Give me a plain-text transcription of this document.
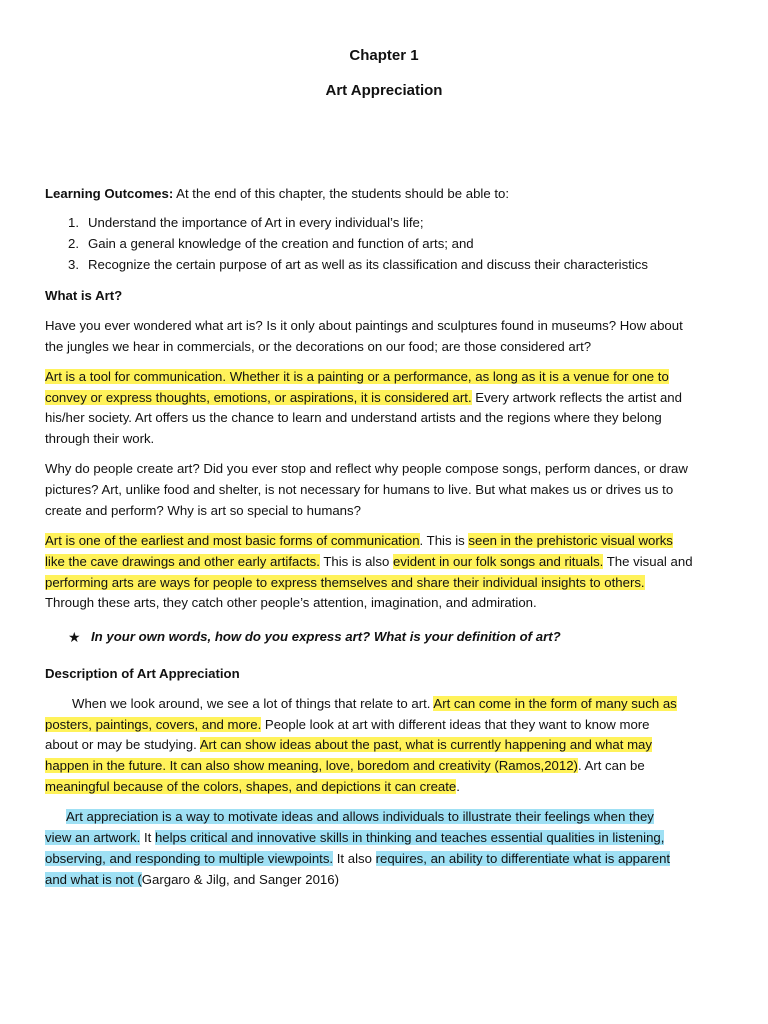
Chapter 1

Art Appreciation

Learning Outcomes: At the end of this chapter, the students should be able to:

1. Understand the importance of Art in every individual’s life;

2. Gain a general knowledge of the creation and function of arts; and

3. Recognize the certain purpose of art as well as its classification and discuss their characteristics

What is Art?

Have you ever wondered what art is? Is it only about paintings and sculptures found in museums? How about

the jungles we hear in commercials, or the decorations on our food; are those considered art?

Art is a tool for communication. Whether it is a painting or a performance, as long as it is a venue for one to

convey or express thoughts, emotions, or aspirations, it is considered art. Every artwork reflects the artist and

his/her society. Art offers us the chance to learn and understand artists and the regions where they belong

through their work.

Why do people create art? Did you ever stop and reflect why people compose songs, perform dances, or draw

pictures? Art, unlike food and shelter, is not necessary for humans to live. But what makes us or drives us to

create and perform? Why is art so special to humans?

Art is one of the earliest and most basic forms of communication. This is seen in the prehistoric visual works

like the cave drawings and other early artifacts. This is also evident in our folk songs and rituals. The visual and

performing arts are ways for people to express themselves and share their individual insights to others.

Through these arts, they catch other people’s attention, imagination, and admiration.

★ In your own words, how do you express art? What is your definition of art?

Description of Art Appreciation

When we look around, we see a lot of things that relate to art. Art can come in the form of many such as

posters, paintings, covers, and more. People look at art with different ideas that they want to know more

about or may be studying. Art can show ideas about the past, what is currently happening and what may

happen in the future. It can also show meaning, love, boredom and creativity (Ramos,2012). Art can be

meaningful because of the colors, shapes, and depictions it can create.

Art appreciation is a way to motivate ideas and allows individuals to illustrate their feelings when they

view an artwork. It helps critical and innovative skills in thinking and teaches essential qualities in listening,

observing, and responding to multiple viewpoints. It also requires, an ability to differentiate what is apparent

and what is not (Gargaro & Jilg, and Sanger 2016)
